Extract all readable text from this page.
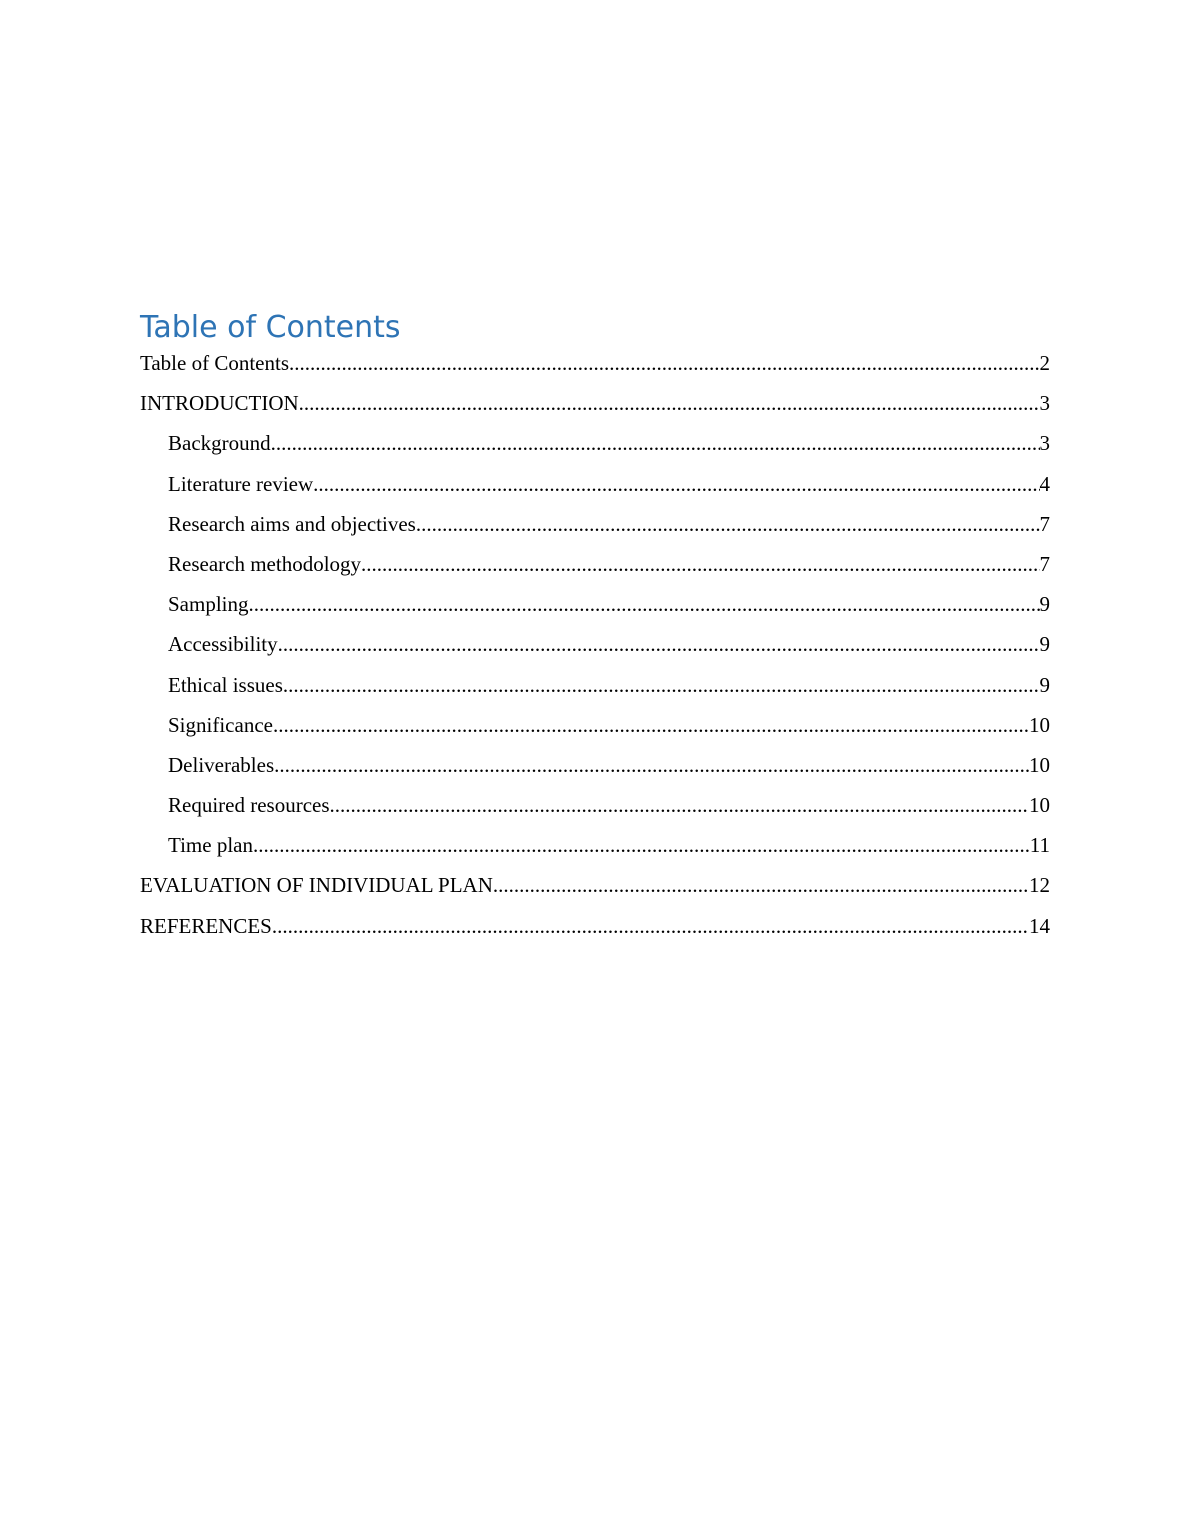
Table of Contents
Table of Contents .....	2
INTRODUCTION .....	3
Background .....	3
Literature review .....	4
Research aims and objectives .....	7
Research methodology .....	7
Sampling .....	9
Accessibility .....	9
Ethical issues .....	9
Significance .....	10
Deliverables .....	10
Required resources .....	10
Time plan .....	11
EVALUATION OF INDIVIDUAL PLAN .....	12
REFERENCES .....	14
